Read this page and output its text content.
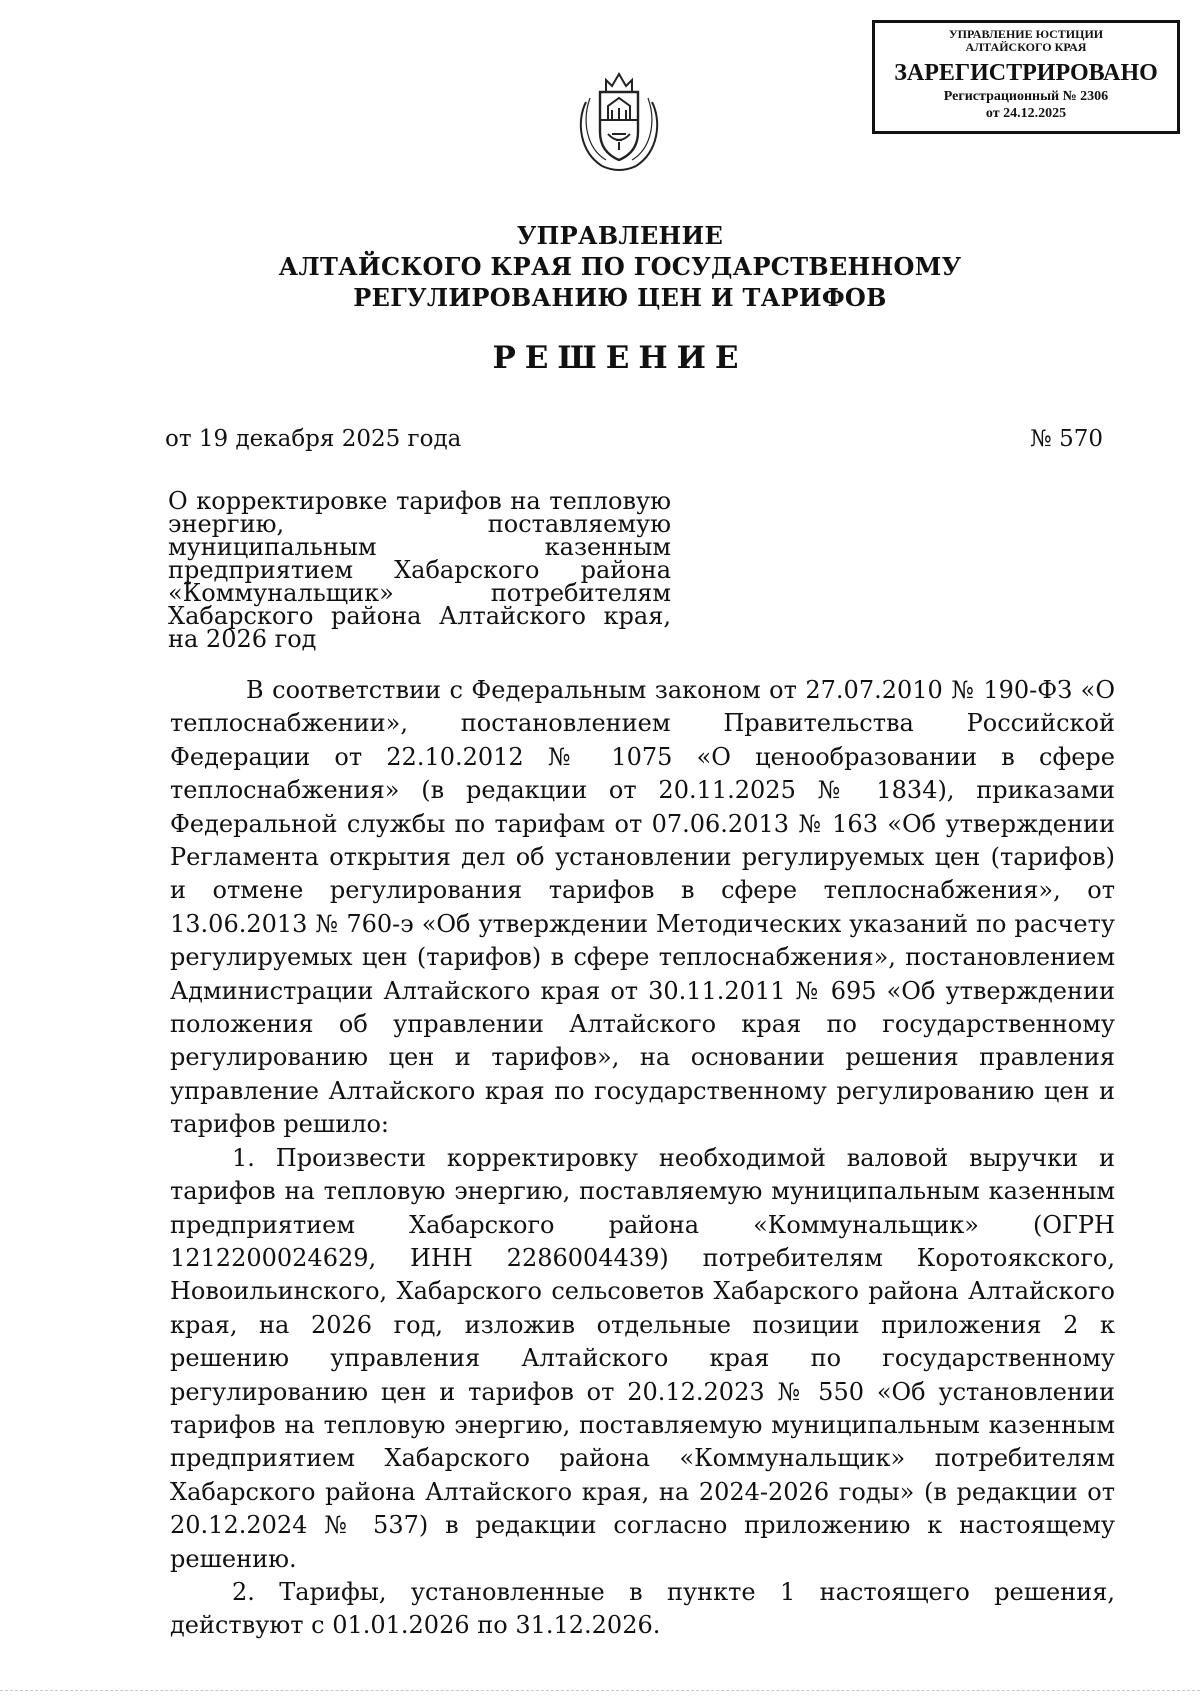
УПРАВЛЕНИЕ ЮСТИЦИИ
АЛТАЙСКОГО КРАЯ
ЗАРЕГИСТРИРОВАНО
Регистрационный № 2306
от 24.12.2025
УПРАВЛЕНИЕ
АЛТАЙСКОГО КРАЯ ПО ГОСУДАРСТВЕННОМУ
РЕГУЛИРОВАНИЮ ЦЕН И ТАРИФОВ
РЕШЕНИЕ
от 19 декабря 2025 года	№ 570
О корректировке тарифов на тепловую энергию, поставляемую муниципальным казенным предприятием Хабарского района «Коммунальщик» потребителям Хабарского района Алтайского края, на 2026 год

В соответствии с Федеральным законом от 27.07.2010 № 190-ФЗ «О теплоснабжении», постановлением Правительства Российской Федерации от 22.10.2012 № 1075 «О ценообразовании в сфере теплоснабжения» (в редакции от 20.11.2025 № 1834), приказами Федеральной службы по тарифам от 07.06.2013 № 163 «Об утверждении Регламента открытия дел об установлении регулируемых цен (тарифов) и отмене регулирования тарифов в сфере теплоснабжения», от 13.06.2013 № 760-э «Об утверждении Методических указаний по расчету регулируемых цен (тарифов) в сфере теплоснабжения», постановлением Администрации Алтайского края от 30.11.2011 № 695 «Об утверждении положения об управлении Алтайского края по государственному регулированию цен и тарифов», на основании решения правления управление Алтайского края по государственному регулированию цен и тарифов решило:

1. Произвести корректировку необходимой валовой выручки и тарифов на тепловую энергию, поставляемую муниципальным казенным предприятием Хабарского района «Коммунальщик» (ОГРН 1212200024629, ИНН 2286004439) потребителям Коротоякского, Новоильинского, Хабарского сельсоветов Хабарского района Алтайского края, на 2026 год, изложив отдельные позиции приложения 2 к решению управления Алтайского края по государственному регулированию цен и тарифов от 20.12.2023 № 550 «Об установлении тарифов на тепловую энергию, поставляемую муниципальным казенным предприятием Хабарского района «Коммунальщик» потребителям Хабарского района Алтайского края, на 2024-2026 годы» (в редакции от 20.12.2024 № 537) в редакции согласно приложению к настоящему решению.

2. Тарифы, установленные в пункте 1 настоящего решения, действуют с 01.01.2026 по 31.12.2026.
